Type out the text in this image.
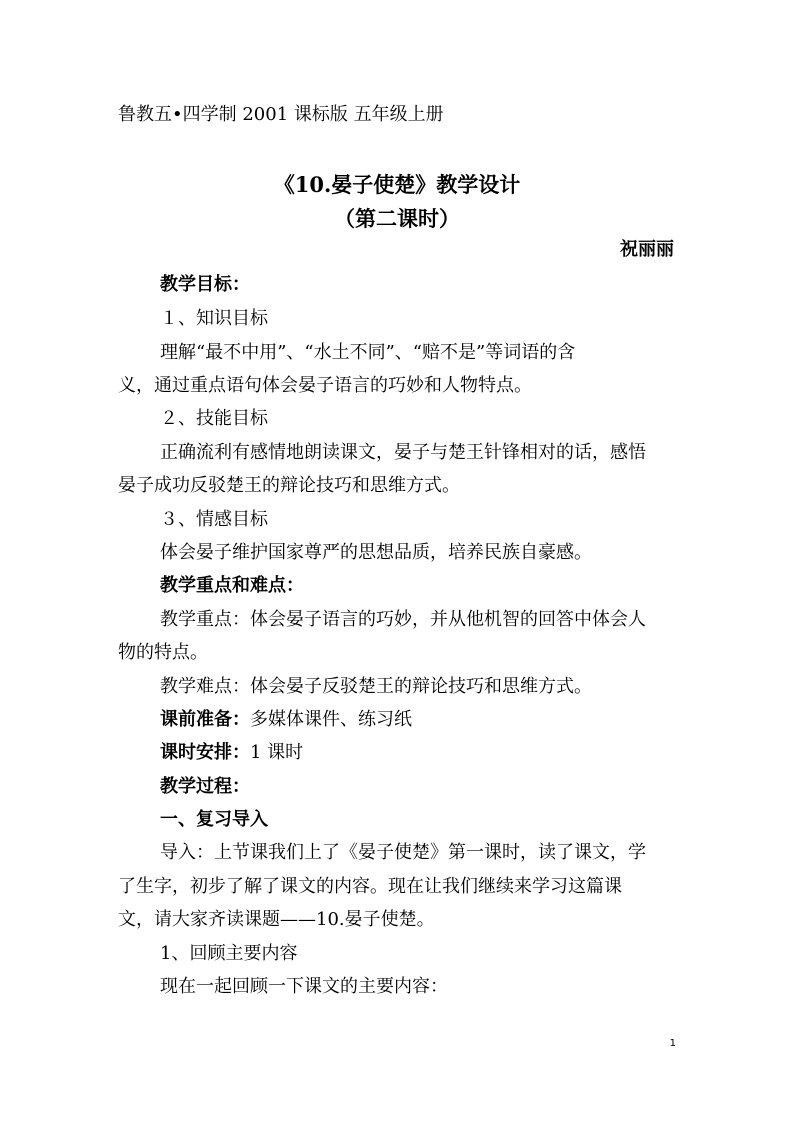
鲁教五•四学制 2001 课标版 五年级上册
《10.晏子使楚》教学设计
（第二课时）
祝丽丽
教学目标：
１、知识目标
理解“最不中用”、“水土不同”、“赔不是”等词语的含
义，通过重点语句体会晏子语言的巧妙和人物特点。
２、技能目标
正确流利有感情地朗读课文，晏子与楚王针锋相对的话，感悟
晏子成功反驳楚王的辩论技巧和思维方式。
３、情感目标
体会晏子维护国家尊严的思想品质，培养民族自豪感。
教学重点和难点：
教学重点：体会晏子语言的巧妙，并从他机智的回答中体会人
物的特点。
教学难点：体会晏子反驳楚王的辩论技巧和思维方式。
课前准备：多媒体课件、练习纸
课时安排：1 课时
教学过程：
一、复习导入
导入：上节课我们上了《晏子使楚》第一课时，读了课文，学
了生字，初步了解了课文的内容。现在让我们继续来学习这篇课
文，请大家齐读课题——10.晏子使楚。
1、回顾主要内容
现在一起回顾一下课文的主要内容：
1
